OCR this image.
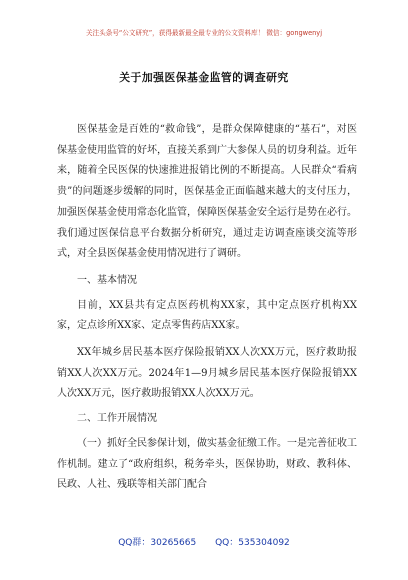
关注头条号“公文研究”，获得最新最全最专业的公文资料库！ 微信：gongwenyj
关于加强医保基金监管的调查研究

医保基金是百姓的“救命钱”，是群众保障健康的“基石”，对医保基金使用监管的好坏，直接关系到广大参保人员的切身利益。近年来，随着全民医保的快速推进报销比例的不断提高。人民群众“看病贵”的问题逐步缓解的同时，医保基金正面临越来越大的支付压力，加强医保基金使用常态化监管，保障医保基金安全运行是势在必行。我们通过医保信息平台数据分析研究，通过走访调查座谈交流等形式，对全县医保基金使用情况进行了调研。

一、基本情况

目前，XX县共有定点医药机构XX家，其中定点医疗机构XX家，定点诊所XX家、定点零售药店XX家。

XX年城乡居民基本医疗保险报销XX人次XX万元，医疗救助报销XX人次XX万元。2024年1—9月城乡居民基本医疗保险报销XX人次XX万元，医疗救助报销XX人次XX万元。

二、工作开展情况

（一）抓好全民参保计划，做实基金征缴工作。一是完善征收工作机制。建立了“政府组织，税务牵头，医保协助，财政、教科体、民政、人社、残联等相关部门配合

QQ群：30265665 QQ：535304092
